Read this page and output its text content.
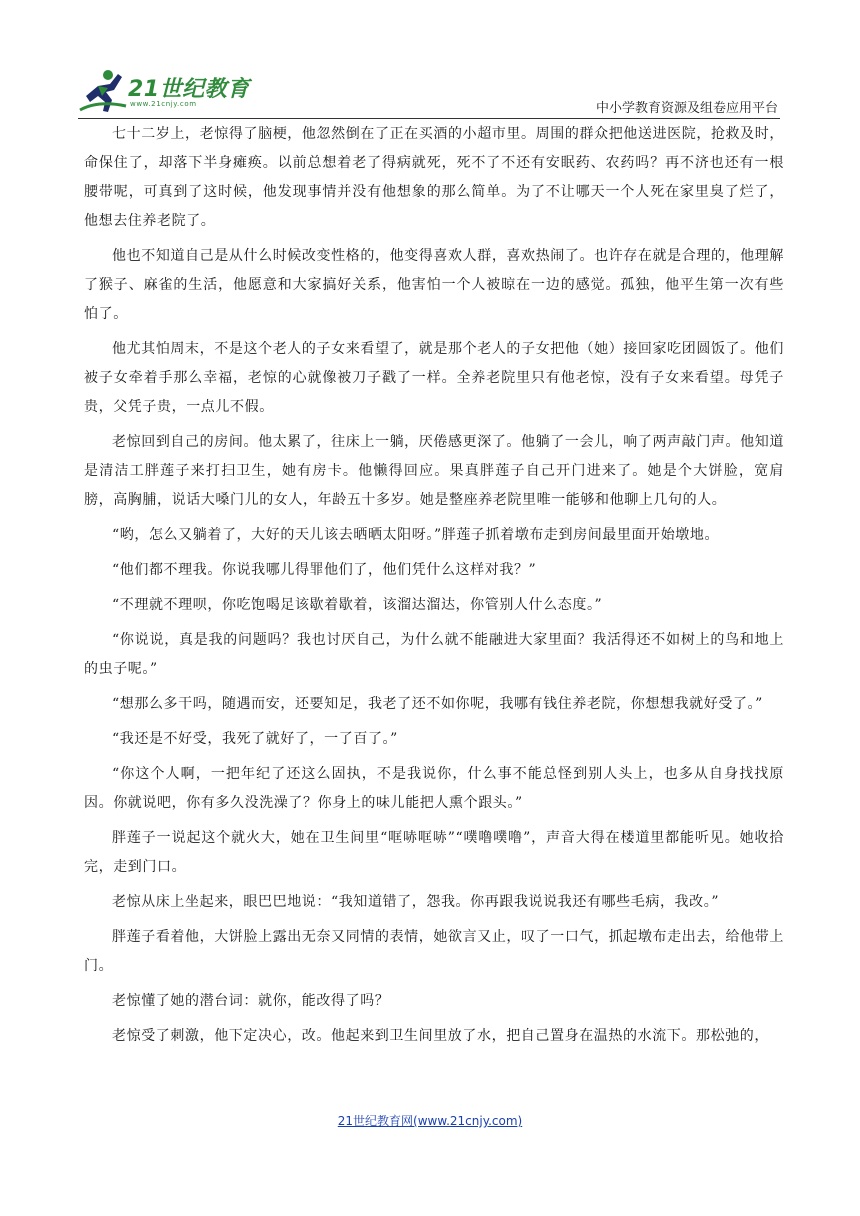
21世纪教育
www.21cnjy.com	中小学教育资源及组卷应用平台

七十二岁上，老惊得了脑梗，他忽然倒在了正在买酒的小超市里。周围的群众把他送进医院，抢救及时，命保住了，却落下半身瘫痪。以前总想着老了得病就死，死不了不还有安眠药、农药吗？再不济也还有一根腰带呢，可真到了这时候，他发现事情并没有他想象的那么简单。为了不让哪天一个人死在家里臭了烂了，他想去住养老院了。

他也不知道自己是从什么时候改变性格的，他变得喜欢人群，喜欢热闹了。也许存在就是合理的，他理解了猴子、麻雀的生活，他愿意和大家搞好关系，他害怕一个人被晾在一边的感觉。孤独，他平生第一次有些怕了。

他尤其怕周末，不是这个老人的子女来看望了，就是那个老人的子女把他（她）接回家吃团圆饭了。他们被子女牵着手那么幸福，老惊的心就像被刀子戳了一样。全养老院里只有他老惊，没有子女来看望。母凭子贵，父凭子贵，一点儿不假。

老惊回到自己的房间。他太累了，往床上一躺，厌倦感更深了。他躺了一会儿，响了两声敲门声。他知道是清洁工胖莲子来打扫卫生，她有房卡。他懒得回应。果真胖莲子自己开门进来了。她是个大饼脸，宽肩膀，高胸脯，说话大嗓门儿的女人，年龄五十多岁。她是整座养老院里唯一能够和他聊上几句的人。

“哟，怎么又躺着了，大好的天儿该去晒晒太阳呀。”胖莲子抓着墩布走到房间最里面开始墩地。

“他们都不理我。你说我哪儿得罪他们了，他们凭什么这样对我？”

“不理就不理呗，你吃饱喝足该歇着歇着，该溜达溜达，你管别人什么态度。”

“你说说，真是我的问题吗？我也讨厌自己，为什么就不能融进大家里面？我活得还不如树上的鸟和地上的虫子呢。”

“想那么多干吗，随遇而安，还要知足，我老了还不如你呢，我哪有钱住养老院，你想想我就好受了。”

“我还是不好受，我死了就好了，一了百了。”

“你这个人啊，一把年纪了还这么固执，不是我说你，什么事不能总怪到别人头上，也多从自身找找原因。你就说吧，你有多久没洗澡了？你身上的味儿能把人熏个跟头。”

胖莲子一说起这个就火大，她在卫生间里“哐哧哐哧”“噗噜噗噜”，声音大得在楼道里都能听见。她收拾完，走到门口。

老惊从床上坐起来，眼巴巴地说：“我知道错了，怨我。你再跟我说说我还有哪些毛病，我改。”

胖莲子看着他，大饼脸上露出无奈又同情的表情，她欲言又止，叹了一口气，抓起墩布走出去，给他带上门。

老惊懂了她的潜台词：就你，能改得了吗？

老惊受了刺激，他下定决心，改。他起来到卫生间里放了水，把自己置身在温热的水流下。那松弛的，

21世纪教育网(www.21cnjy.com)
